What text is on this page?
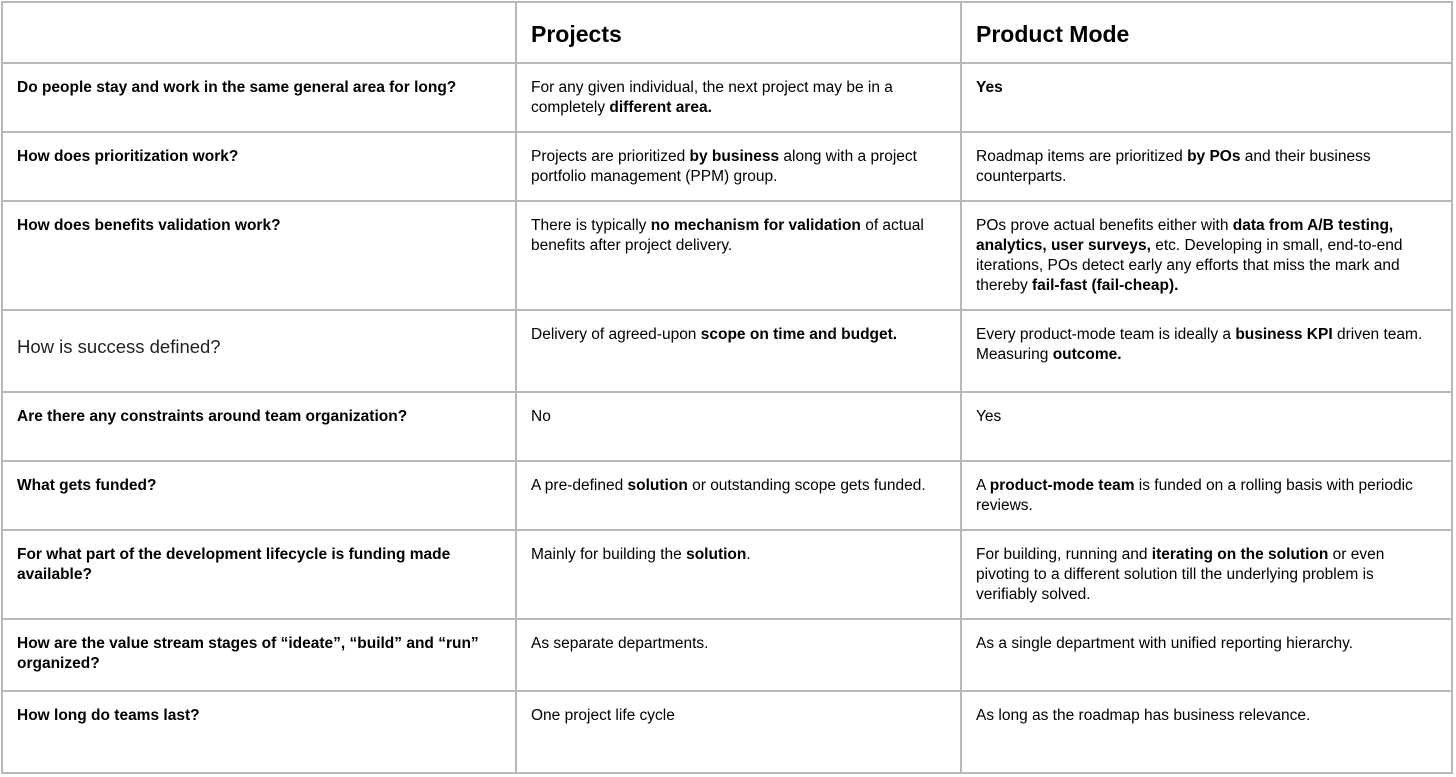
	Projects	Product Mode

Do people stay and work in the same general area for long?	For any given individual, the next project may be in a completely different area.	Yes

How does prioritization work?	Projects are prioritized by business along with a project portfolio management (PPM) group.	Roadmap items are prioritized by POs and their business counterparts.

How does benefits validation work?	There is typically no mechanism for validation of actual benefits after project delivery.	POs prove actual benefits either with data from A/B testing, analytics, user surveys, etc. Developing in small, end-to-end iterations, POs detect early any efforts that miss the mark and thereby fail-fast (fail-cheap).

How is success defined?	Delivery of agreed-upon scope on time and budget.	Every product-mode team is ideally a business KPI driven team. Measuring outcome.

Are there any constraints around team organization?	No	Yes

What gets funded?	A pre-defined solution or outstanding scope gets funded.	A product-mode team is funded on a rolling basis with periodic reviews.

For what part of the development lifecycle is funding made available?	Mainly for building the solution.	For building, running and iterating on the solution or even pivoting to a different solution till the underlying problem is verifiably solved.

How are the value stream stages of “ideate”, “build” and “run” organized?	As separate departments.	As a single department with unified reporting hierarchy.

How long do teams last?	One project life cycle	As long as the roadmap has business relevance.
